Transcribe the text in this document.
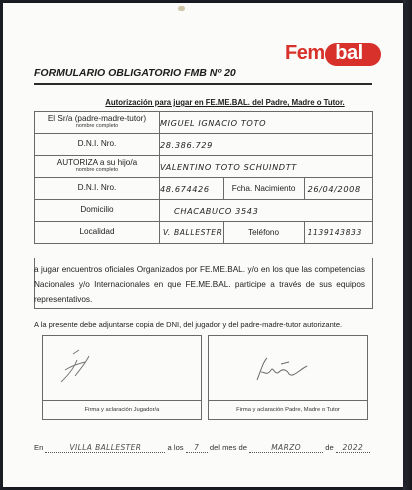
Femebal
FORMULARIO OBLIGATORIO FMB Nº 20
Autorización para jugar en FE.ME.BAL. del Padre, Madre o Tutor.
El Sr/a (padre-madre-tutor)
nombre completo	MIGUEL IGNACIO TOTO		
D.N.I. Nro.	28.386.729		
AUTORIZA a su hijo/a
nombre completo	VALENTINO TOTO SCHUINDTT		
D.N.I. Nro.	48.674426	Fcha. Nacimiento	26/04/2008
Domicilio	CHACABUCO 3543		
Localidad	V. BALLESTER	Teléfono	1139143833
a jugar encuentros oficiales Organizados por FE.ME.BAL. y/o en los que las competencias Nacionales y/o Internacionales en que FE.ME.BAL. participe a través de sus equipos representativos.
A la presente debe adjuntarse copia de DNI, del jugador y del padre-madre-tutor autorizante.
Firma y aclaración Jugador/a	Firma y aclaración Padre, Madre o Tutor
En	VILLA BALLESTER	a los 7 del mes de	MARZO	de 2022
